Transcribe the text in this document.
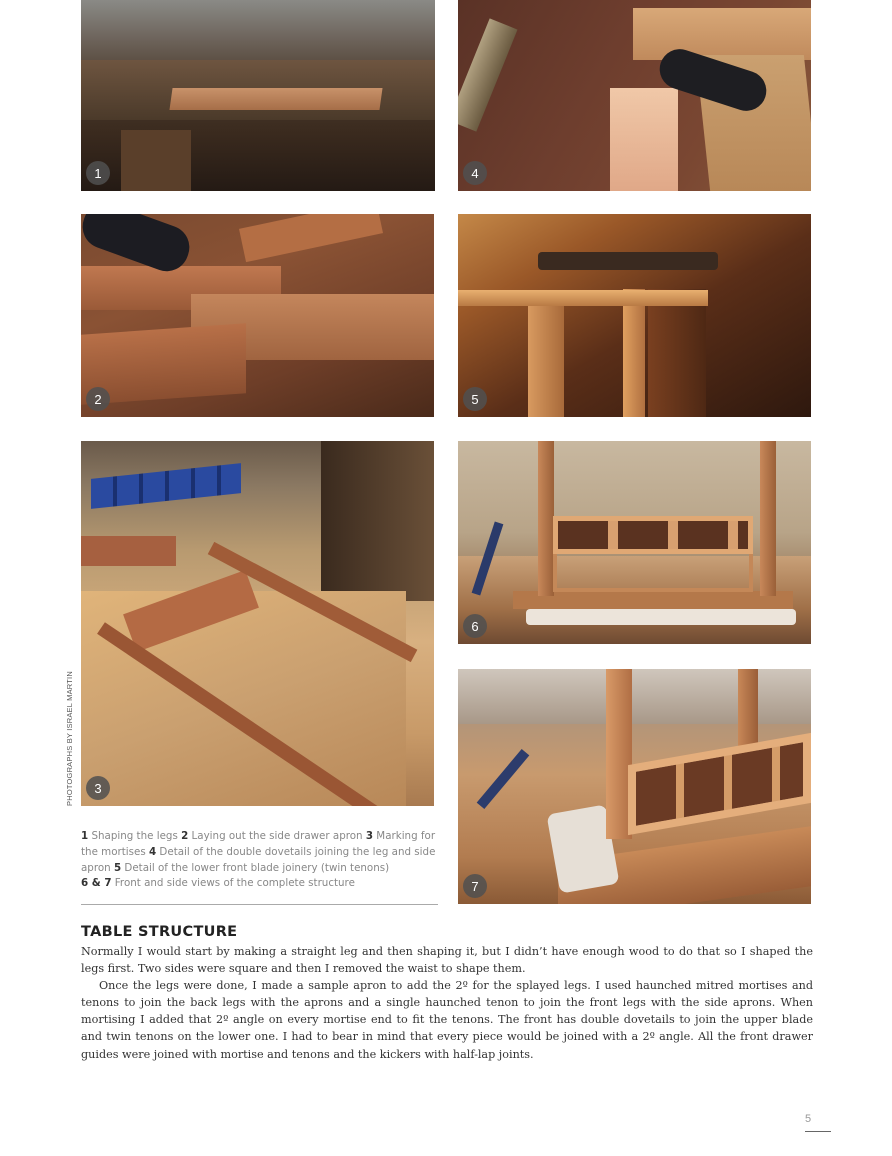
1	4
2	5
3
6
7
PHOTOGRAPHS BY ISRAEL MARTIN
1 Shaping the legs 2 Laying out the side drawer apron 3 Marking for the mortises 4 Detail of the double dovetails joining the leg and side apron 5 Detail of the lower front blade joinery (twin tenons)
6 & 7 Front and side views of the complete structure
TABLE STRUCTURE

Normally I would start by making a straight leg and then shaping it, but I didn’t have enough wood to do that so I shaped the legs first. Two sides were square and then I removed the waist to shape them.

Once the legs were done, I made a sample apron to add the 2º for the splayed legs. I used haunched mitred mortises and tenons to join the back legs with the aprons and a single haunched tenon to join the front legs with the side aprons. When mortising I added that 2º angle on every mortise end to fit the tenons. The front has double dovetails to join the upper blade and twin tenons on the lower one. I had to bear in mind that every piece would be joined with a 2º angle. All the front drawer guides were joined with mortise and tenons and the kickers with half-lap joints.

5
